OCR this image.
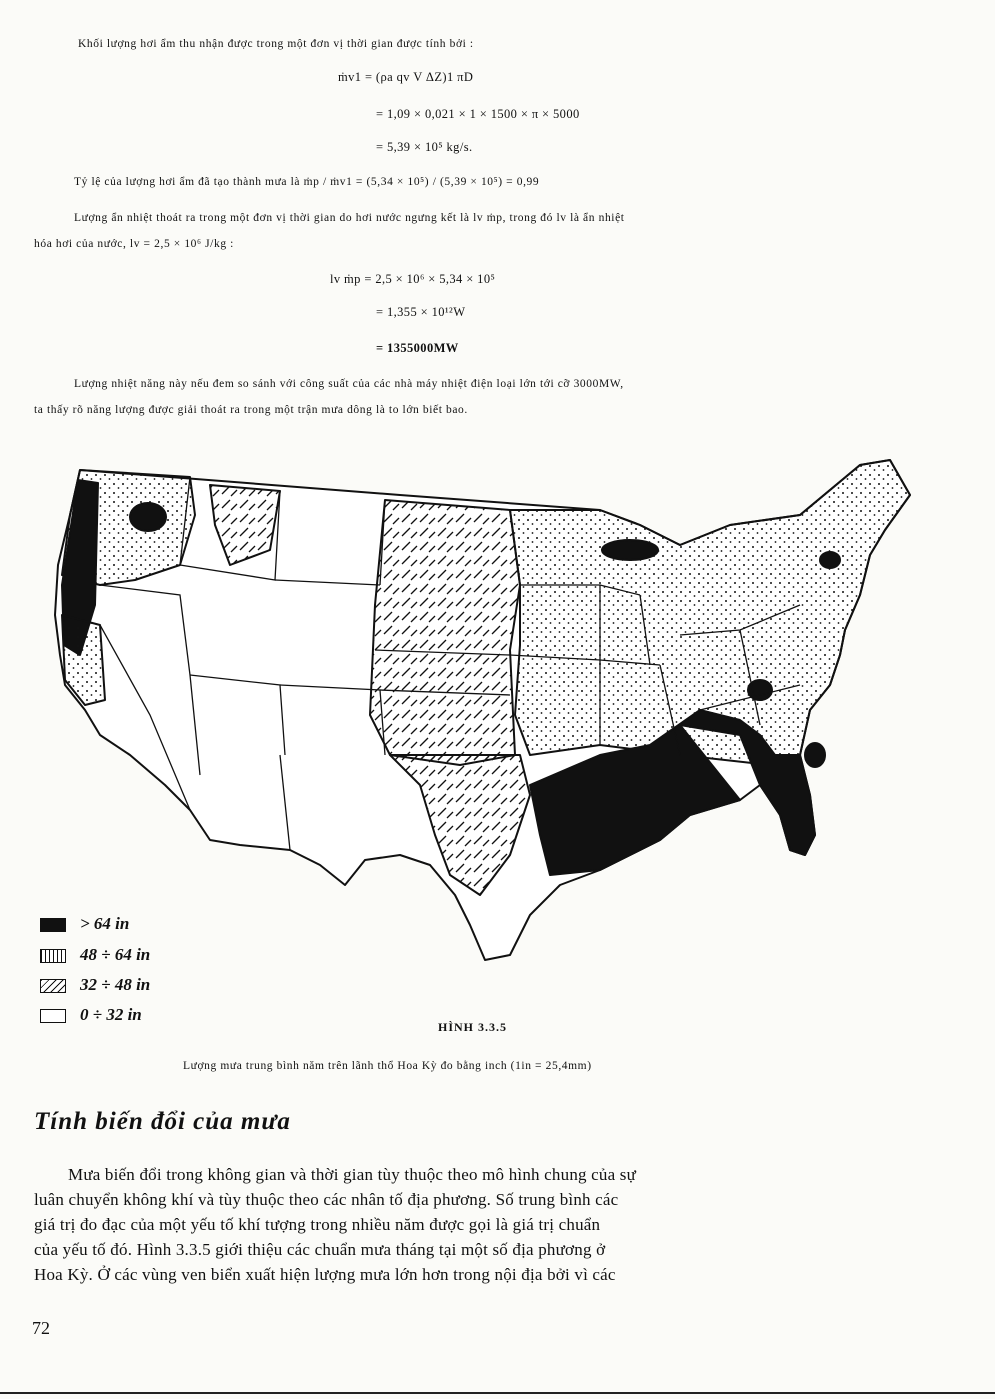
Khối lượng hơi ẩm thu nhận được trong một đơn vị thời gian được tính bởi :
ṁv1 = (ρa qv V ΔZ)1 πD
= 1,09 × 0,021 × 1 × 1500 × π × 5000
= 5,39 × 10⁵ kg/s.
Tỷ lệ của lượng hơi ẩm đã tạo thành mưa là ṁp / ṁv1 = (5,34 × 10⁵) / (5,39 × 10⁵) = 0,99
Lượng ẩn nhiệt thoát ra trong một đơn vị thời gian do hơi nước ngưng kết là lv ṁp, trong đó lv là ẩn nhiệt
hóa hơi của nước, lv = 2,5 × 10⁶ J/kg :
lv ṁp = 2,5 × 10⁶ × 5,34 × 10⁵
= 1,355 × 10¹²W
= 1355000MW
Lượng nhiệt năng này nếu đem so sánh với công suất của các nhà máy nhiệt điện loại lớn tới cỡ 3000MW,
ta thấy rõ năng lượng được giải thoát ra trong một trận mưa dông là to lớn biết bao.
> 64 in
48 ÷ 64 in
32 ÷ 48 in
0 ÷ 32 in
HÌNH 3.3.5
Lượng mưa trung bình năm trên lãnh thổ Hoa Kỳ đo bằng inch (1in = 25,4mm)
Tính biến đổi của mưa
Mưa biến đổi trong không gian và thời gian tùy thuộc theo mô hình chung của sự
luân chuyển không khí và tùy thuộc theo các nhân tố địa phương. Số trung bình các
giá trị đo đạc của một yếu tố khí tượng trong nhiều năm được gọi là giá trị chuẩn
của yếu tố đó. Hình 3.3.5 giới thiệu các chuẩn mưa tháng tại một số địa phương ở
Hoa Kỳ. Ở các vùng ven biển xuất hiện lượng mưa lớn hơn trong nội địa bởi vì các
72
